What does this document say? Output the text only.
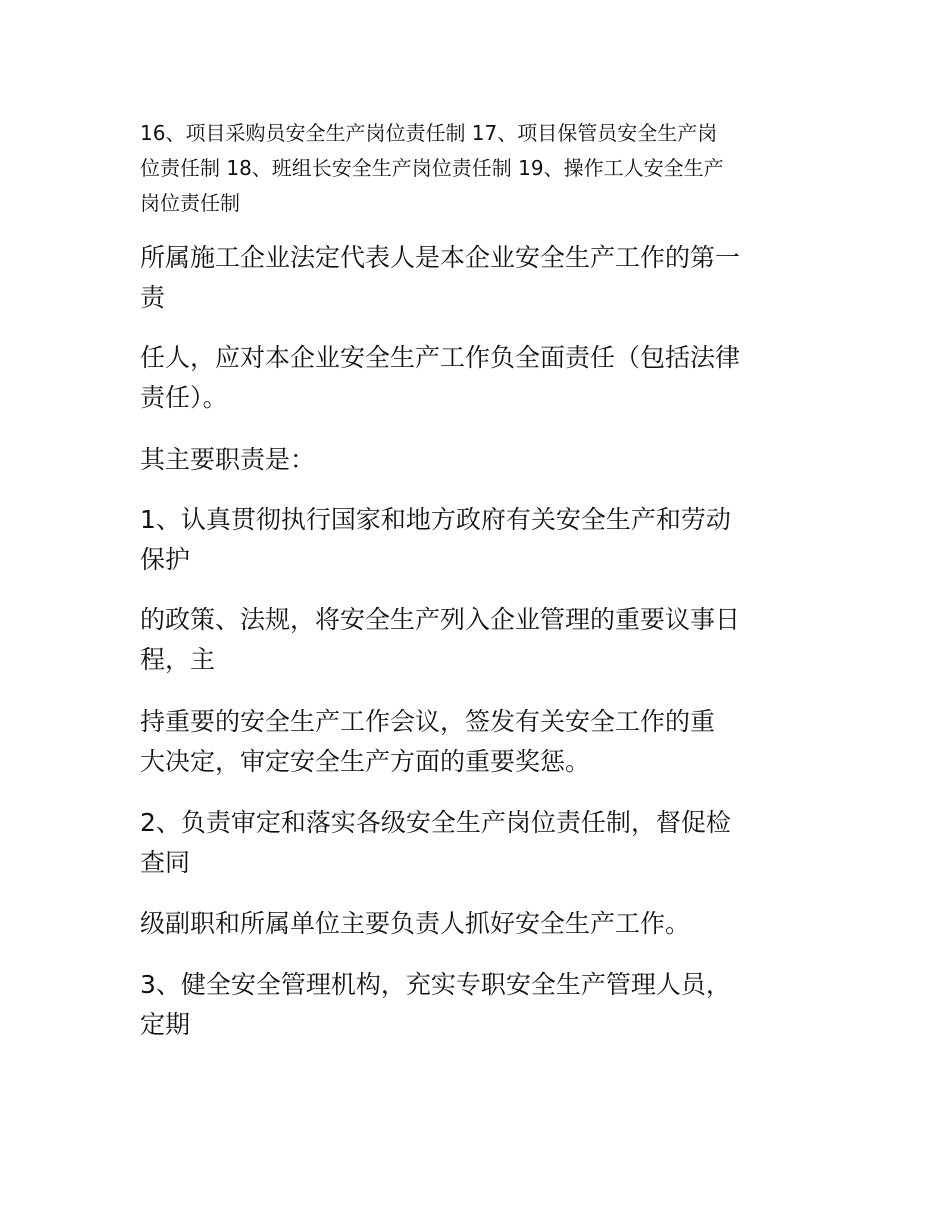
16、项目采购员安全生产岗位责任制 17、项目保管员安全生产岗
位责任制 18、班组长安全生产岗位责任制 19、操作工人安全生产
岗位责任制
所属施工企业法定代表人是本企业安全生产工作的第一
责
任人，应对本企业安全生产工作负全面责任（包括法律
责任）。
其主要职责是：
1、认真贯彻执行国家和地方政府有关安全生产和劳动
保护
的政策、法规，将安全生产列入企业管理的重要议事日
程，主
持重要的安全生产工作会议，签发有关安全工作的重
大决定，审定安全生产方面的重要奖惩。
2、负责审定和落实各级安全生产岗位责任制，督促检
查同
级副职和所属单位主要负责人抓好安全生产工作。
3、健全安全管理机构，充实专职安全生产管理人员，
定期
